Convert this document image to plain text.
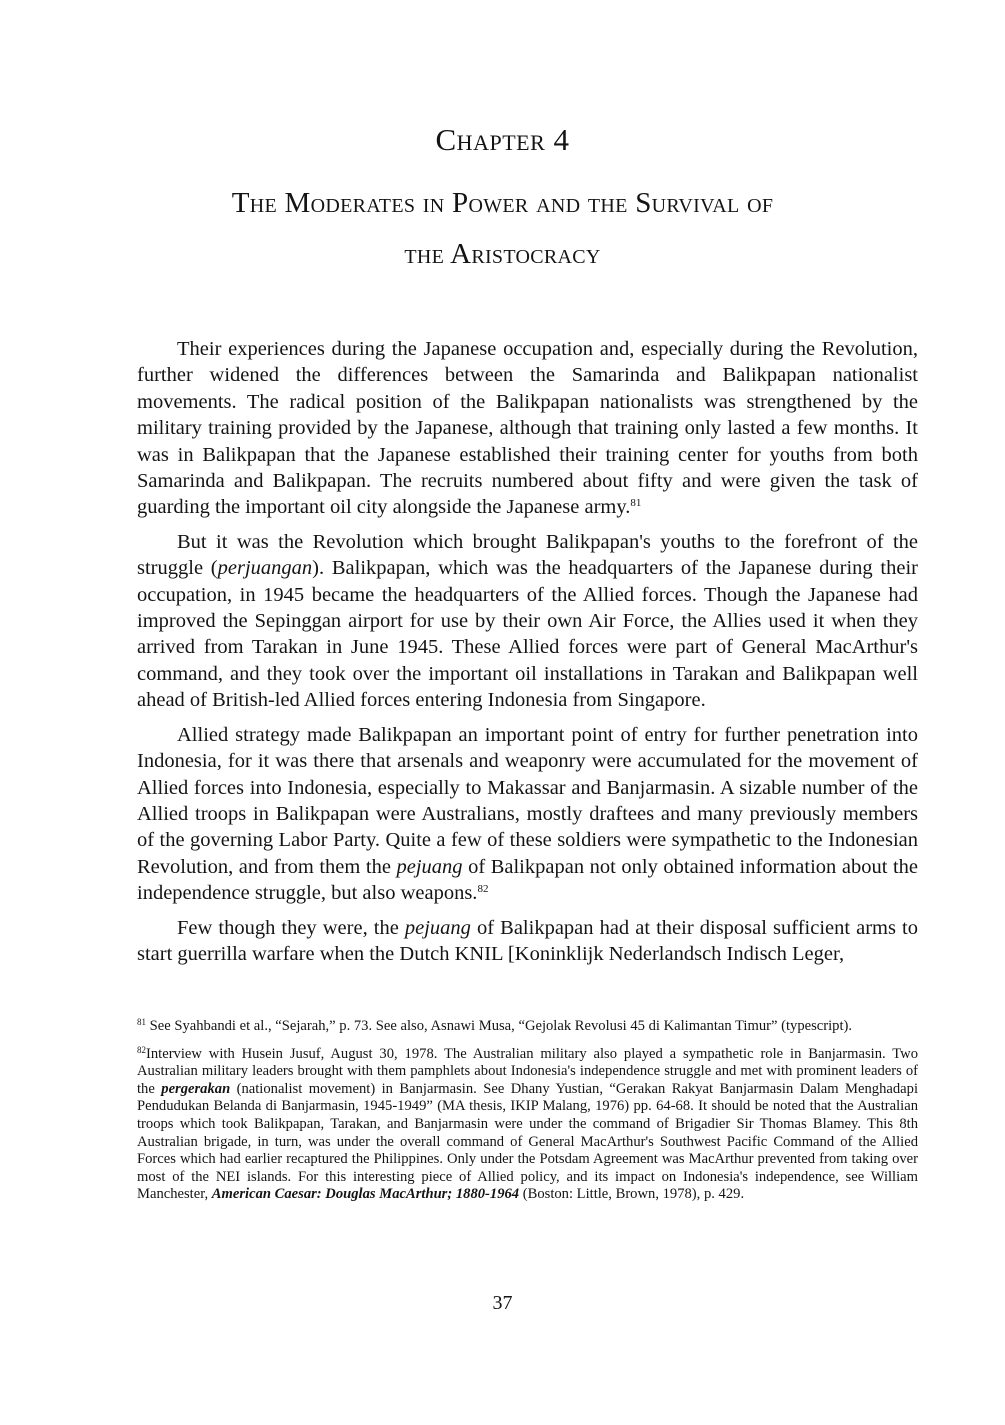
Chapter 4
The Moderates in Power and the Survival of
the Aristocracy

Their experiences during the Japanese occupation and, especially during the Revolution, further widened the differences between the Samarinda and Balikpapan nationalist movements. The radical position of the Balikpapan nationalists was strengthened by the military training provided by the Japanese, although that training only lasted a few months. It was in Balikpapan that the Japanese established their training center for youths from both Samarinda and Balikpapan. The recruits numbered about fifty and were given the task of guarding the important oil city alongside the Japanese army.$^{81}$

But it was the Revolution which brought Balikpapan's youths to the forefront of the struggle (perjuangan). Balikpapan, which was the headquarters of the Japanese during their occupation, in 1945 became the headquarters of the Allied forces. Though the Japanese had improved the Sepinggan airport for use by their own Air Force, the Allies used it when they arrived from Tarakan in June 1945. These Allied forces were part of General MacArthur's command, and they took over the important oil installations in Tarakan and Balikpapan well ahead of British-led Allied forces entering Indonesia from Singapore.

Allied strategy made Balikpapan an important point of entry for further penetration into Indonesia, for it was there that arsenals and weaponry were accumulated for the movement of Allied forces into Indonesia, especially to Makassar and Banjarmasin. A sizable number of the Allied troops in Balikpapan were Australians, mostly draftees and many previously members of the governing Labor Party. Quite a few of these soldiers were sympathetic to the Indonesian Revolution, and from them the pejuang of Balikpapan not only obtained information about the independence struggle, but also weapons.$^{82}$

Few though they were, the pejuang of Balikpapan had at their disposal sufficient arms to start guerrilla warfare when the Dutch KNIL [Koninklijk Nederlandsch Indisch Leger,

$^{81}$ See Syahbandi et al., “Sejarah,” p. 73. See also, Asnawi Musa, “Gejolak Revolusi 45 di Kalimantan Timur” (typescript).

$^{82}$Interview with Husein Jusuf, August 30, 1978. The Australian military also played a sympathetic role in Banjarmasin. Two Australian military leaders brought with them pamphlets about Indonesia's independence struggle and met with prominent leaders of the pergerakan (nationalist movement) in Banjarmasin. See Dhany Yustian, “Gerakan Rakyat Banjarmasin Dalam Menghadapi Pendudukan Belanda di Banjarmasin, 1945-1949” (MA thesis, IKIP Malang, 1976) pp. 64-68. It should be noted that the Australian troops which took Balikpapan, Tarakan, and Banjarmasin were under the command of Brigadier Sir Thomas Blamey. This 8th Australian brigade, in turn, was under the overall command of General MacArthur's Southwest Pacific Command of the Allied Forces which had earlier recaptured the Philippines. Only under the Potsdam Agreement was MacArthur prevented from taking over most of the NEI islands. For this interesting piece of Allied policy, and its impact on Indonesia's independence, see William Manchester, American Caesar: Douglas MacArthur; 1880-1964 (Boston: Little, Brown, 1978), p. 429.

37
